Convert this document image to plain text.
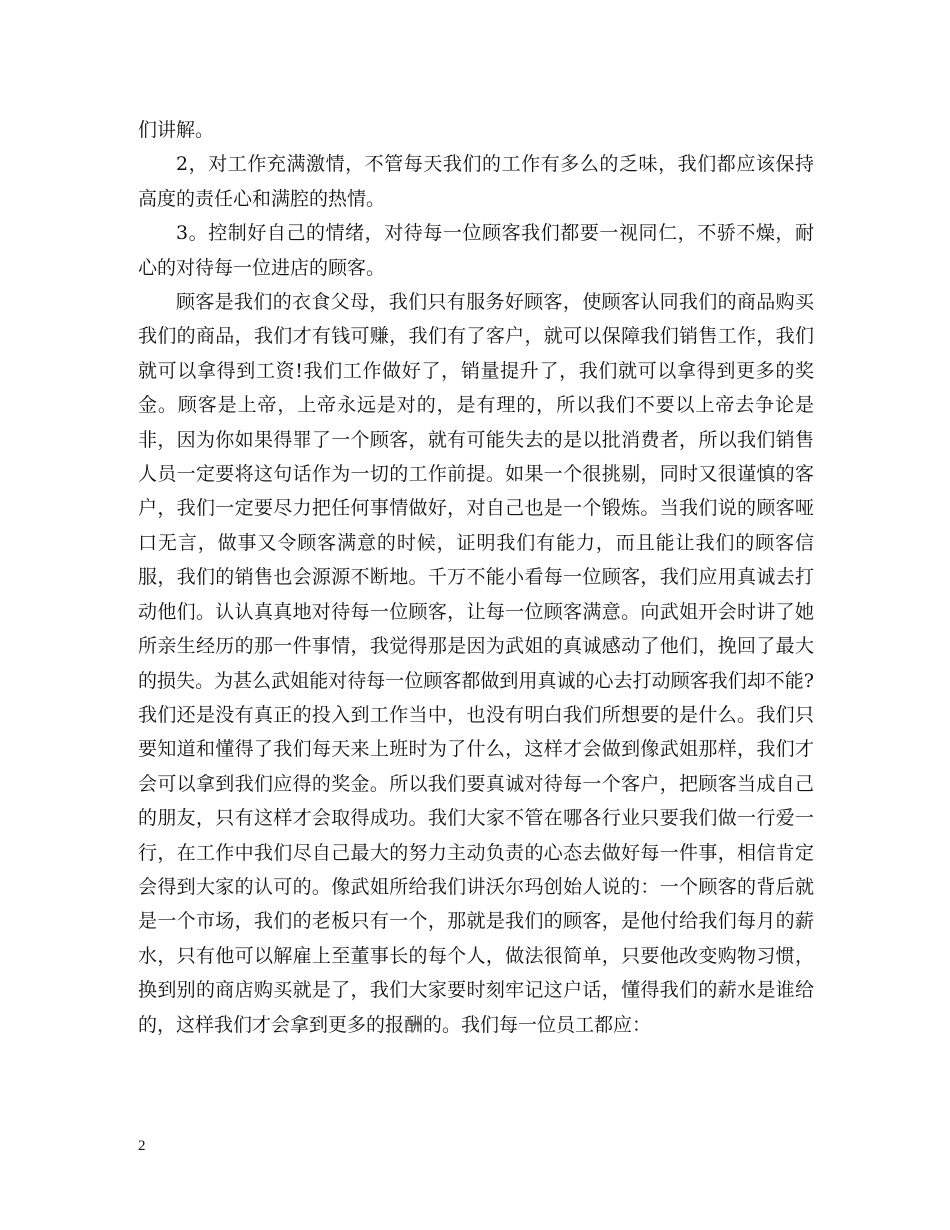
们讲解。

2，对工作充满激情，不管每天我们的工作有多么的乏味，我们都应该保持高度的责任心和满腔的热情。

3。控制好自己的情绪，对待每一位顾客我们都要一视同仁，不骄不燥，耐心的对待每一位进店的顾客。

顾客是我们的衣食父母，我们只有服务好顾客，使顾客认同我们的商品购买我们的商品，我们才有钱可赚，我们有了客户，就可以保障我们销售工作，我们就可以拿得到工资!我们工作做好了，销量提升了，我们就可以拿得到更多的奖金。顾客是上帝，上帝永远是对的，是有理的，所以我们不要以上帝去争论是非，因为你如果得罪了一个顾客，就有可能失去的是以批消费者，所以我们销售人员一定要将这句话作为一切的工作前提。如果一个很挑剔，同时又很谨慎的客户，我们一定要尽力把任何事情做好，对自己也是一个锻炼。当我们说的顾客哑口无言，做事又令顾客满意的时候，证明我们有能力，而且能让我们的顾客信服，我们的销售也会源源不断地。千万不能小看每一位顾客，我们应用真诚去打动他们。认认真真地对待每一位顾客，让每一位顾客满意。向武姐开会时讲了她所亲生经历的那一件事情，我觉得那是因为武姐的真诚感动了他们，挽回了最大的损失。为甚么武姐能对待每一位顾客都做到用真诚的心去打动顾客我们却不能?我们还是没有真正的投入到工作当中，也没有明白我们所想要的是什么。我们只要知道和懂得了我们每天来上班时为了什么，这样才会做到像武姐那样，我们才会可以拿到我们应得的奖金。所以我们要真诚对待每一个客户，把顾客当成自己的朋友，只有这样才会取得成功。我们大家不管在哪各行业只要我们做一行爱一行，在工作中我们尽自己最大的努力主动负责的心态去做好每一件事，相信肯定会得到大家的认可的。像武姐所给我们讲沃尔玛创始人说的：一个顾客的背后就是一个市场，我们的老板只有一个，那就是我们的顾客，是他付给我们每月的薪水，只有他可以解雇上至董事长的每个人，做法很简单，只要他改变购物习惯，换到别的商店购买就是了，我们大家要时刻牢记这户话，懂得我们的薪水是谁给的，这样我们才会拿到更多的报酬的。我们每一位员工都应：

2
